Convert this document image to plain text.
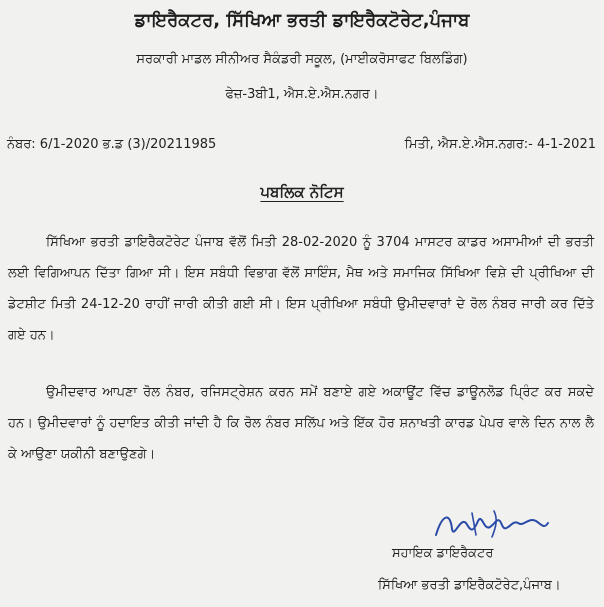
ਡਾਇਰੈਕਟਰ, ਸਿੱਖਿਆ ਭਰਤੀ ਡਾਇਰੈਕਟੋਰੇਟ,ਪੰਜਾਬ
ਸਰਕਾਰੀ ਮਾਡਲ ਸੀਨੀਅਰ ਸੈਕੰਡਰੀ ਸਕੂਲ, (ਮਾਈਕਰੋਸਾਫਟ ਬਿਲਡਿੰਗ)
ਫੇਜ਼-3ਬੀ1, ਐਸ.ਏ.ਐਸ.ਨਗਰ।
ਨੰਬਰ: 6/1-2020 ਭ.ਡ (3)/20211985	ਮਿਤੀ, ਐਸ.ਏ.ਐਸ.ਨਗਰ:- 4-1-2021
ਪਬਲਿਕ ਨੋਟਿਸ
ਸਿੱਖਿਆ ਭਰਤੀ ਡਾਇਰੈਕਟੋਰੇਟ ਪੰਜਾਬ ਵੱਲੋਂ ਮਿਤੀ 28-02-2020 ਨੂੰ 3704 ਮਾਸਟਰ ਕਾਡਰ ਅਸਾਮੀਆਂ ਦੀ ਭਰਤੀ ਲਈ ਵਿਗਿਆਪਨ ਦਿੱਤਾ ਗਿਆ ਸੀ। ਇਸ ਸਬੰਧੀ ਵਿਭਾਗ ਵੱਲੋਂ ਸਾਇੰਸ, ਮੈਥ ਅਤੇ ਸਮਾਜਿਕ ਸਿੱਖਿਆ ਵਿਸ਼ੇ ਦੀ ਪ੍ਰੀਖਿਆ ਦੀ ਡੇਟਸ਼ੀਟ ਮਿਤੀ 24-12-20 ਰਾਹੀਂ ਜਾਰੀ ਕੀਤੀ ਗਈ ਸੀ। ਇਸ ਪ੍ਰੀਖਿਆ ਸਬੰਧੀ ਉਮੀਦਵਾਰਾਂ ਦੇ ਰੋਲ ਨੰਬਰ ਜਾਰੀ ਕਰ ਦਿੱਤੇ ਗਏ ਹਨ।
ਉਮੀਦਵਾਰ ਆਪਣਾ ਰੋਲ ਨੰਬਰ, ਰਜਿਸਟ੍ਰੇਸ਼ਨ ਕਰਨ ਸਮੇਂ ਬਣਾਏ ਗਏ ਅਕਾਊਂਟ ਵਿੱਚ ਡਾਊਨਲੋਡ ਪ੍ਰਿੰਟ ਕਰ ਸਕਦੇ ਹਨ। ਉਮੀਦਵਾਰਾਂ ਨੂੰ ਹਦਾਇਤ ਕੀਤੀ ਜਾਂਦੀ ਹੈ ਕਿ ਰੋਲ ਨੰਬਰ ਸਲਿੱਪ ਅਤੇ ਇੱਕ ਹੋਰ ਸ਼ਨਾਖਤੀ ਕਾਰਡ ਪੇਪਰ ਵਾਲੇ ਦਿਨ ਨਾਲ ਲੈ ਕੇ ਆਉਣਾ ਯਕੀਨੀ ਬਣਾਉਣਗੇ।
ਸਹਾਇਕ ਡਾਇਰੈਕਟਰ
ਸਿੱਖਿਆ ਭਰਤੀ ਡਾਇਰੈਕਟੋਰੇਟ,ਪੰਜਾਬ।
